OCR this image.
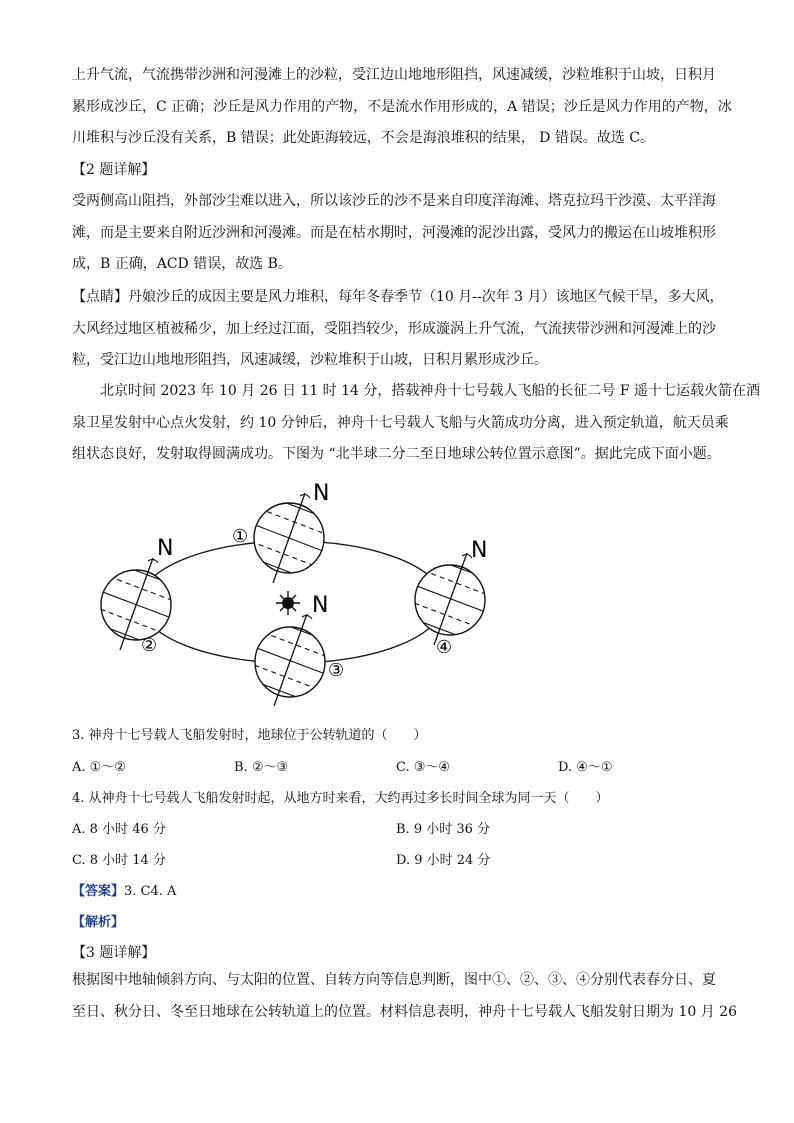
上升气流，气流携带沙洲和河漫滩上的沙粒，受江边山地地形阻挡，风速减缓，沙粒堆积于山坡，日积月
累形成沙丘，C 正确；沙丘是风力作用的产物，不是流水作用形成的，A 错误；沙丘是风力作用的产物，冰
川堆积与沙丘没有关系，B 错误；此处距海较远，不会是海浪堆积的结果， D 错误。故选 C。

【2 题详解】

受两侧高山阻挡，外部沙尘难以进入，所以该沙丘的沙不是来自印度洋海滩、塔克拉玛干沙漠、太平洋海
滩，而是主要来自附近沙洲和河漫滩。而是在枯水期时，河漫滩的泥沙出露，受风力的搬运在山坡堆积形
成，B 正确，ACD 错误，故选 B。

【点睛】丹娘沙丘的成因主要是风力堆积，每年冬春季节（10 月--次年 3 月）该地区气候干旱，多大风，
大风经过地区植被稀少，加上经过江面，受阻挡较少，形成漩涡上升气流，气流挟带沙洲和河漫滩上的沙
粒，受江边山地地形阻挡，风速减缓，沙粒堆积于山坡，日积月累形成沙丘。

北京时间 2023 年 10 月 26 日 11 时 14 分，搭载神舟十七号载人飞船的长征二号 F 遥十七运载火箭在酒
泉卫星发射中心点火发射，约 10 分钟后，神舟十七号载人飞船与火箭成功分离，进入预定轨道，航天员乘
组状态良好，发射取得圆满成功。下图为 “北半球二分二至日地球公转位置示意图”。据此完成下面小题。

N
N	N
N
①
②
③
④
3. 神舟十七号载人飞船发射时，地球位于公转轨道的（　　）
A. ①～②	B. ②～③	C. ③～④	D. ④～①
4. 从神舟十七号载人飞船发射时起，从地方时来看，大约再过多长时间全球为同一天（　　）
A. 8 小时 46 分	B. 9 小时 36 分
C. 8 小时 14 分	D. 9 小时 24 分
【答案】3. C4. A
【解析】
【3 题详解】

根据图中地轴倾斜方向、与太阳的位置、自转方向等信息判断，图中①、②、③、④分别代表春分日、夏
至日、秋分日、冬至日地球在公转轨道上的位置。材料信息表明，神舟十七号载人飞船发射日期为 10 月 26
